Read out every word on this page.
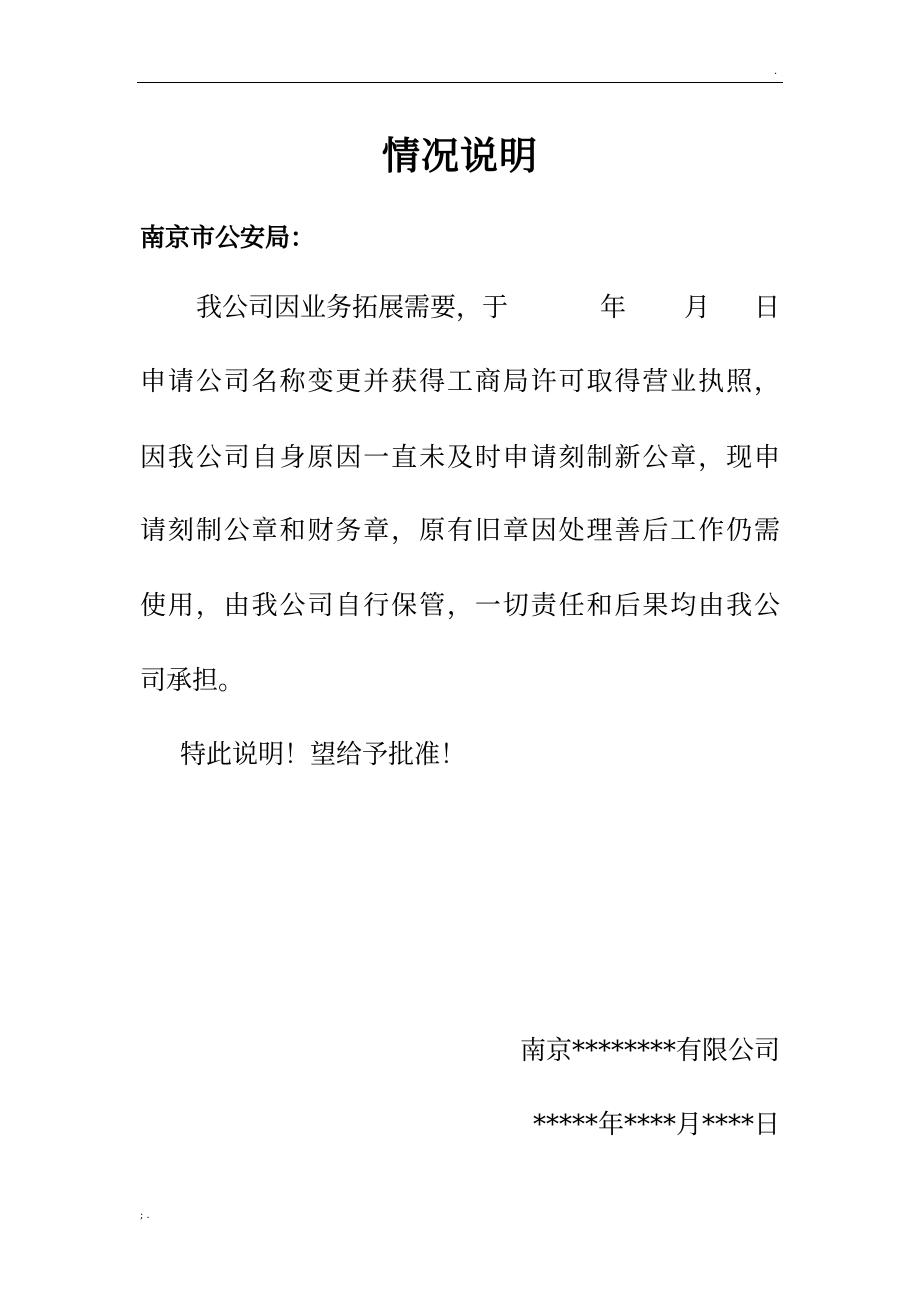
.
情况说明
南京市公安局：
我公司因业务拓展需要，于	年 月 日
申请公司名称变更并获得工商局许可取得营业执照，
因我公司自身原因一直未及时申请刻制新公章，现申
请刻制公章和财务章，原有旧章因处理善后工作仍需
使用，由我公司自行保管，一切责任和后果均由我公
司承担。
特此说明！望给予批准！
南京********有限公司
*****年****月****日
; .
